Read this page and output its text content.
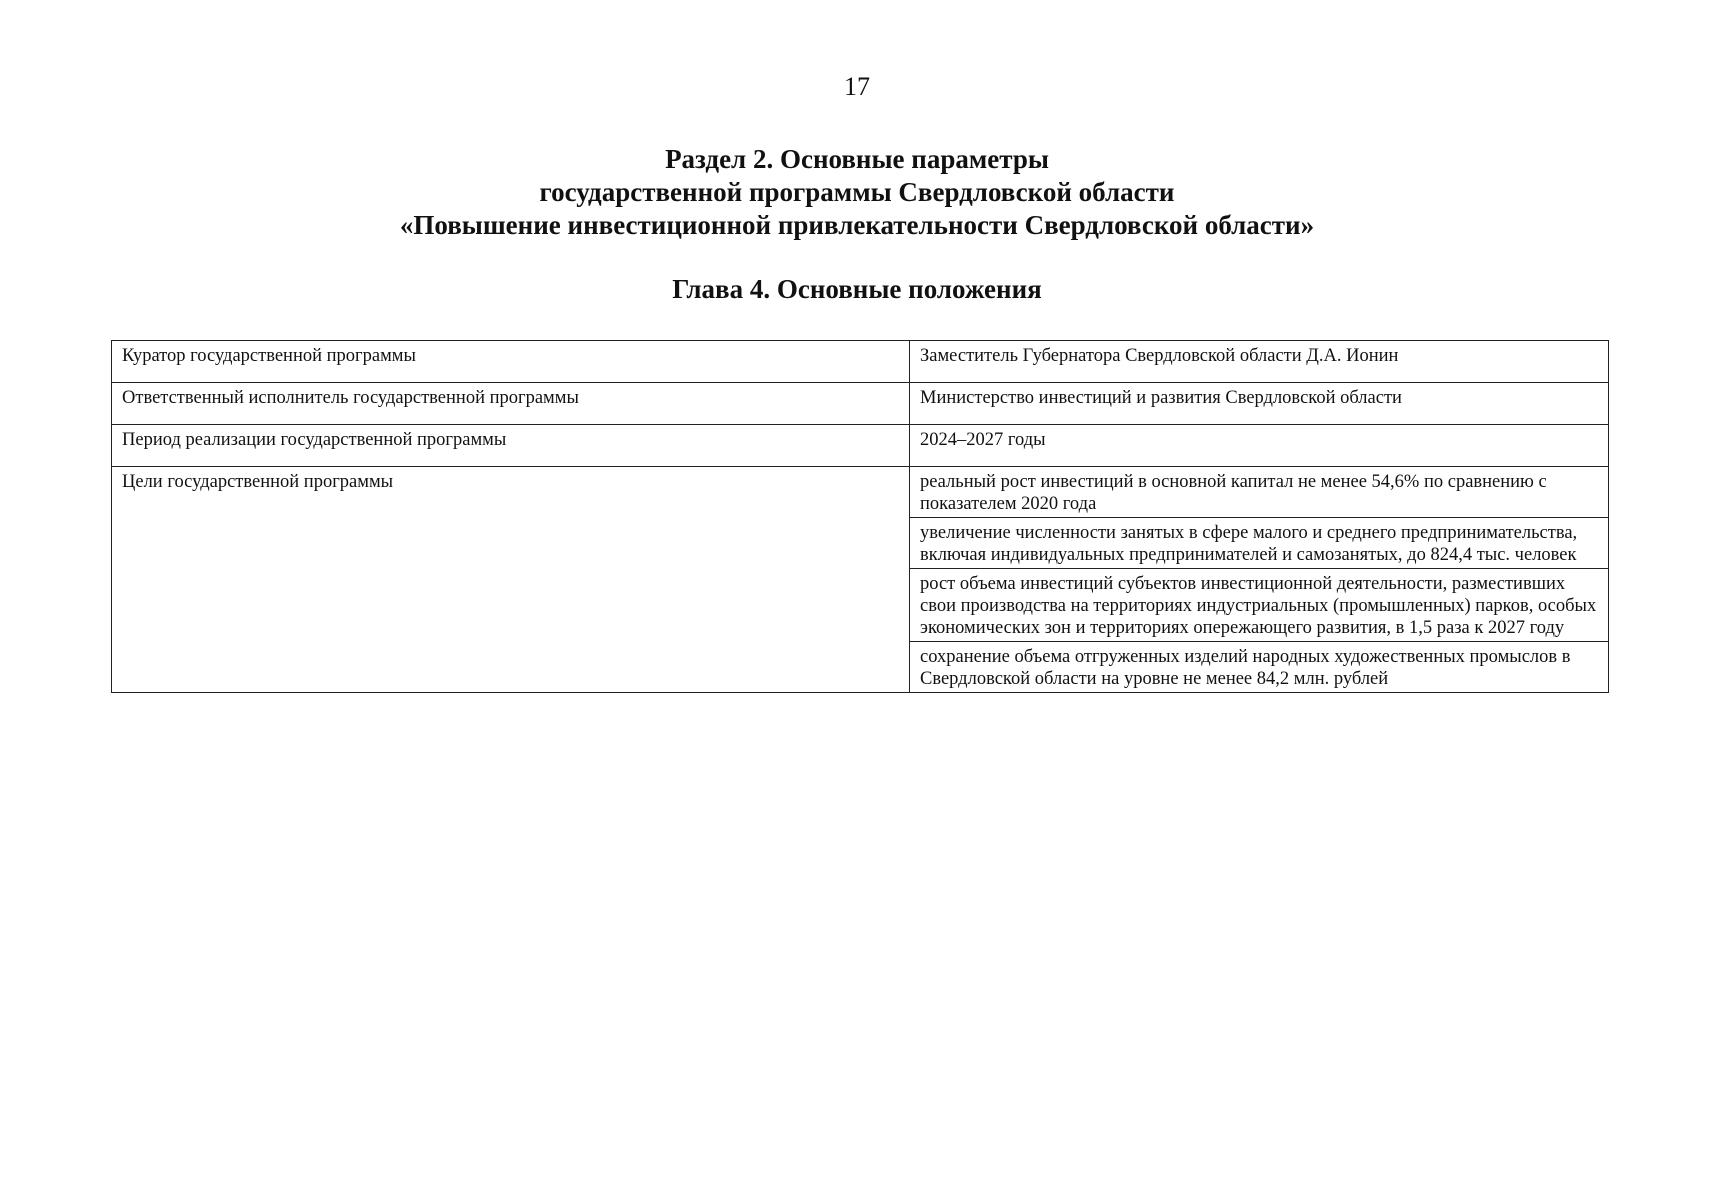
17
Раздел 2. Основные параметры
государственной программы Свердловской области
«Повышение инвестиционной привлекательности Свердловской области»
Глава 4. Основные положения
Куратор государственной программы	Заместитель Губернатора Свердловской области Д.А. Ионин
Ответственный исполнитель государственной программы	Министерство инвестиций и развития Свердловской области
Период реализации государственной программы	2024–2027 годы
Цели государственной программы	реальный рост инвестиций в основной капитал не менее 54,6% по сравнению с показателем 2020 года
	увеличение численности занятых в сфере малого и среднего предпринимательства, включая индивидуальных предпринимателей и самозанятых, до 824,4 тыс. человек
	рост объема инвестиций субъектов инвестиционной деятельности, разместивших свои производства на территориях индустриальных (промышленных) парков, особых экономических зон и территориях опережающего развития, в 1,5 раза к 2027 году
	сохранение объема отгруженных изделий народных художественных промыслов в Свердловской области на уровне не менее 84,2 млн. рублей
